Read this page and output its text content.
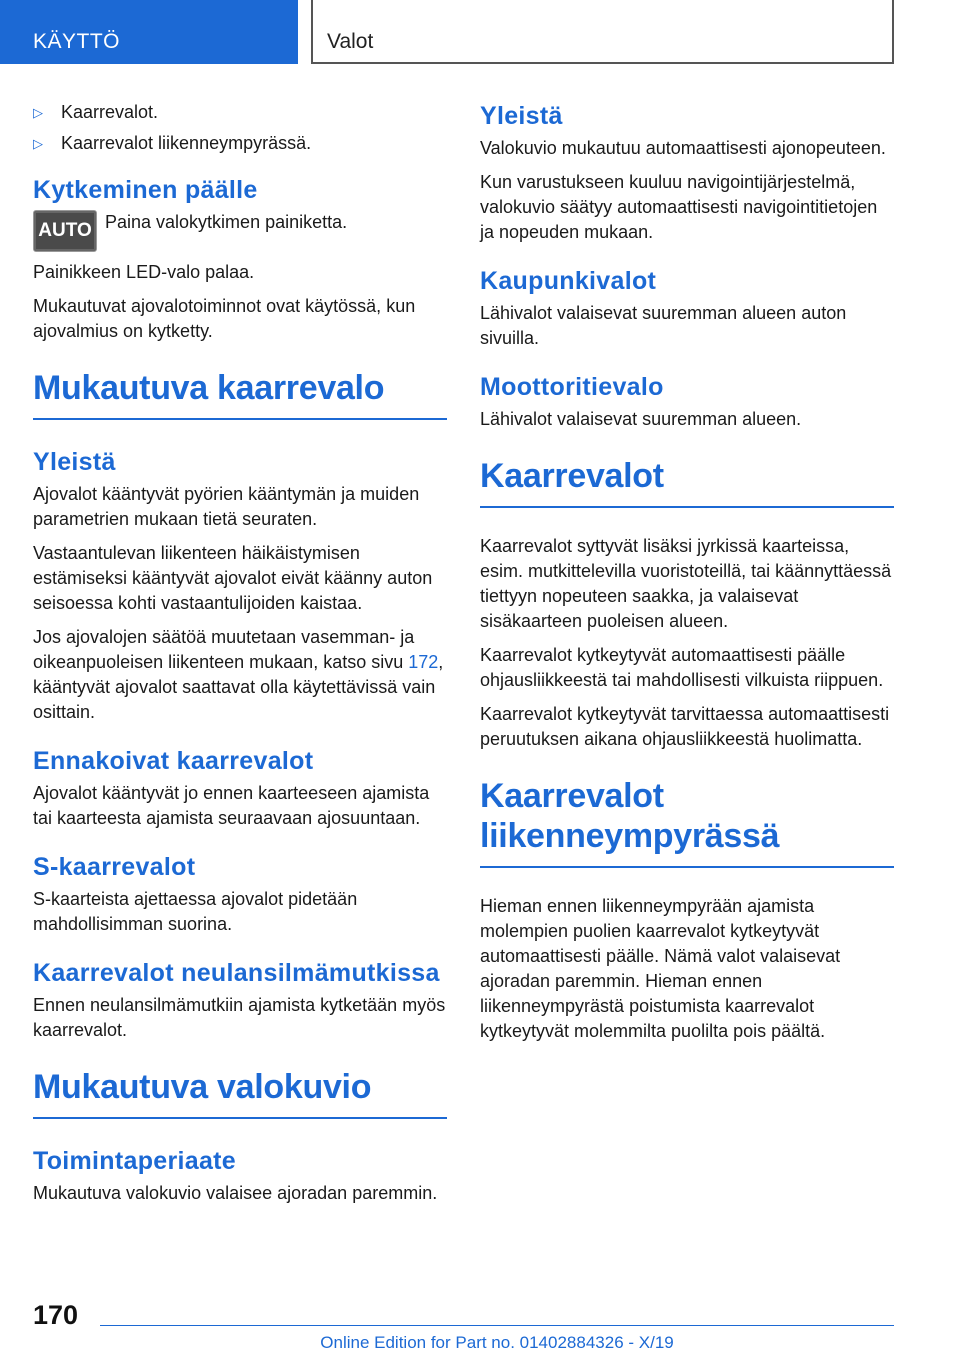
KÄYTTÖ	Valot
▷	Kaarrevalot.
▷	Kaarrevalot liikenneympyrässä.
Kytkeminen päälle
AUTO Paina valokytkimen painiketta.

Painikkeen LED-valo palaa.

Mukautuvat ajovalotoiminnot ovat käytössä, kun ajovalmius on kytketty.

Mukautuva kaarrevalo
Yleistä

Ajovalot kääntyvät pyörien kääntymän ja muiden parametrien mukaan tietä seuraten.

Vastaantulevan liikenteen häikäistymisen estämiseksi kääntyvät ajovalot eivät käänny auton seisoessa kohti vastaantulijoiden kaistaa.

Jos ajovalojen säätöä muutetaan vasemman- ja oikeanpuoleisen liikenteen mukaan, katso sivu 172, kääntyvät ajovalot saattavat olla käytettävissä vain osittain.

Ennakoivat kaarrevalot

Ajovalot kääntyvät jo ennen kaarteeseen ajamista tai kaarteesta ajamista seuraavaan ajosuuntaan.

S-kaarrevalot

S-kaarteista ajettaessa ajovalot pidetään mahdollisimman suorina.

Kaarrevalot neulansilmämutkissa

Ennen neulansilmämutkiin ajamista kytketään myös kaarrevalot.

Mukautuva valokuvio
Toimintaperiaate

Mukautuva valokuvio valaisee ajoradan paremmin.

Yleistä

Valokuvio mukautuu automaattisesti ajonopeuteen.

Kun varustukseen kuuluu navigointijärjestelmä, valokuvio säätyy automaattisesti navigointitietojen ja nopeuden mukaan.

Kaupunkivalot

Lähivalot valaisevat suuremman alueen auton sivuilla.

Moottoritievalo

Lähivalot valaisevat suuremman alueen.

Kaarrevalot

Kaarrevalot syttyvät lisäksi jyrkissä kaarteissa, esim. mutkittelevilla vuoristoteillä, tai käännyttäessä tiettyyn nopeuteen saakka, ja valaisevat sisäkaarteen puoleisen alueen.

Kaarrevalot kytkeytyvät automaattisesti päälle ohjausliikkeestä tai mahdollisesti vilkuista riippuen.

Kaarrevalot kytkeytyvät tarvittaessa automaattisesti peruutuksen aikana ohjausliikkeestä huolimatta.

Kaarrevalot liikenneympyrässä

Hieman ennen liikenneympyrään ajamista molempien puolien kaarrevalot kytkeytyvät automaattisesti päälle. Nämä valot valaisevat ajoradan paremmin. Hieman ennen liikenneympyrästä poistumista kaarrevalot kytkeytyvät molemmilta puolilta pois päältä.

170
Online Edition for Part no. 01402884326 - X/19
